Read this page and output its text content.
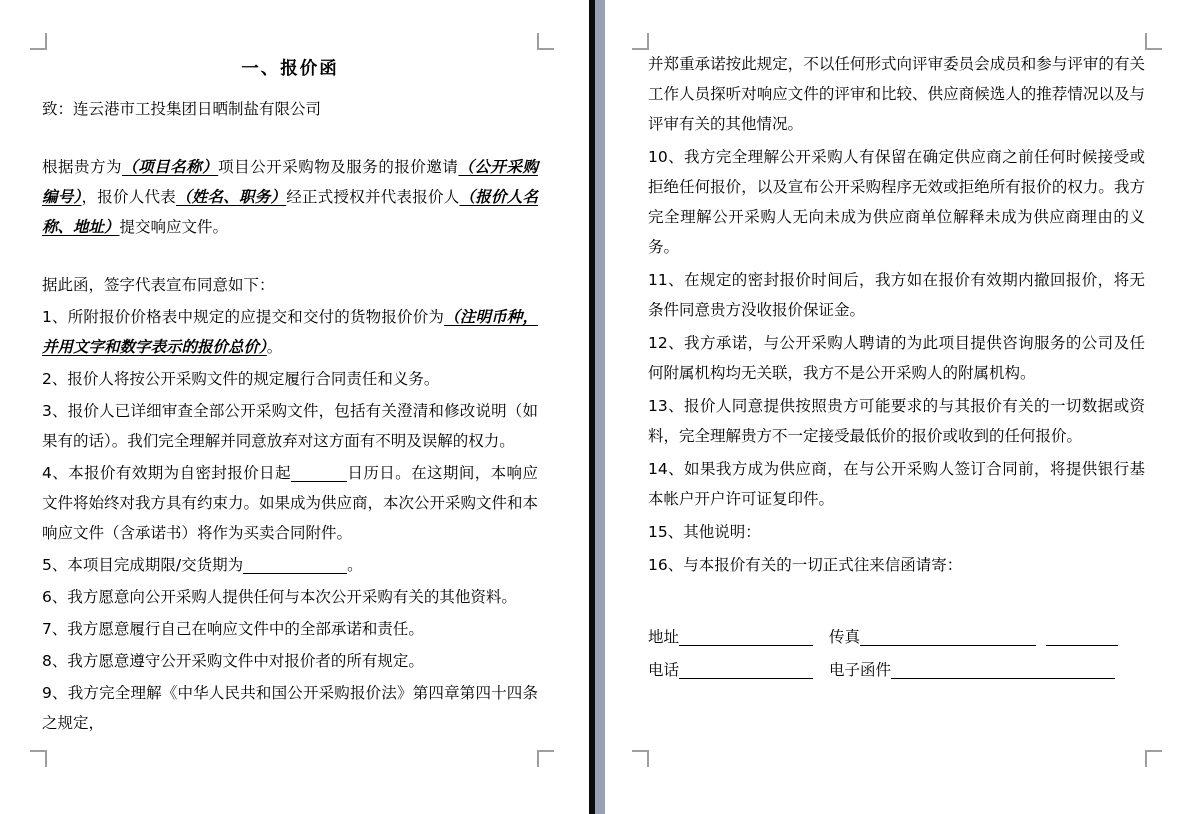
一、报价函
致：连云港市工投集团日晒制盐有限公司
根据贵方为（项目名称）项目公开采购物及服务的报价邀请（公开采购编号），报价人代表（姓名、职务）经正式授权并代表报价人（报价人名称、地址）提交响应文件。
据此函，签字代表宣布同意如下：
1、所附报价价格表中规定的应提交和交付的货物报价价为（注明币种，并用文字和数字表示的报价总价）。
2、报价人将按公开采购文件的规定履行合同责任和义务。
3、报价人已详细审查全部公开采购文件，包括有关澄清和修改说明（如果有的话）。我们完全理解并同意放弃对这方面有不明及误解的权力。
4、本报价有效期为自密封报价日起	日历日。在这期间，本响应文件将始终对我方具有约束力。如果成为供应商，本次公开采购文件和本响应文件（含承诺书）将作为买卖合同附件。
5、本项目完成期限/交货期为	。
6、我方愿意向公开采购人提供任何与本次公开采购有关的其他资料。
7、我方愿意履行自己在响应文件中的全部承诺和责任。
8、我方愿意遵守公开采购文件中对报价者的所有规定。
9、我方完全理解《中华人民共和国公开采购报价法》第四章第四十四条之规定，
并郑重承诺按此规定，不以任何形式向评审委员会成员和参与评审的有关工作人员探听对响应文件的评审和比较、供应商候选人的推荐情况以及与评审有关的其他情况。
10、我方完全理解公开采购人有保留在确定供应商之前任何时候接受或拒绝任何报价，以及宣布公开采购程序无效或拒绝所有报价的权力。我方完全理解公开采购人无向未成为供应商单位解释未成为供应商理由的义务。
11、在规定的密封报价时间后，我方如在报价有效期内撤回报价，将无条件同意贵方没收报价保证金。
12、我方承诺，与公开采购人聘请的为此项目提供咨询服务的公司及任何附属机构均无关联，我方不是公开采购人的附属机构。
13、报价人同意提供按照贵方可能要求的与其报价有关的一切数据或资料，完全理解贵方不一定接受最低价的报价或收到的任何报价。
14、如果我方成为供应商，在与公开采购人签订合同前，将提供银行基本帐户开户许可证复印件。
15、其他说明：
16、与本报价有关的一切正式往来信函请寄：
地址	传真
电话	电子函件
